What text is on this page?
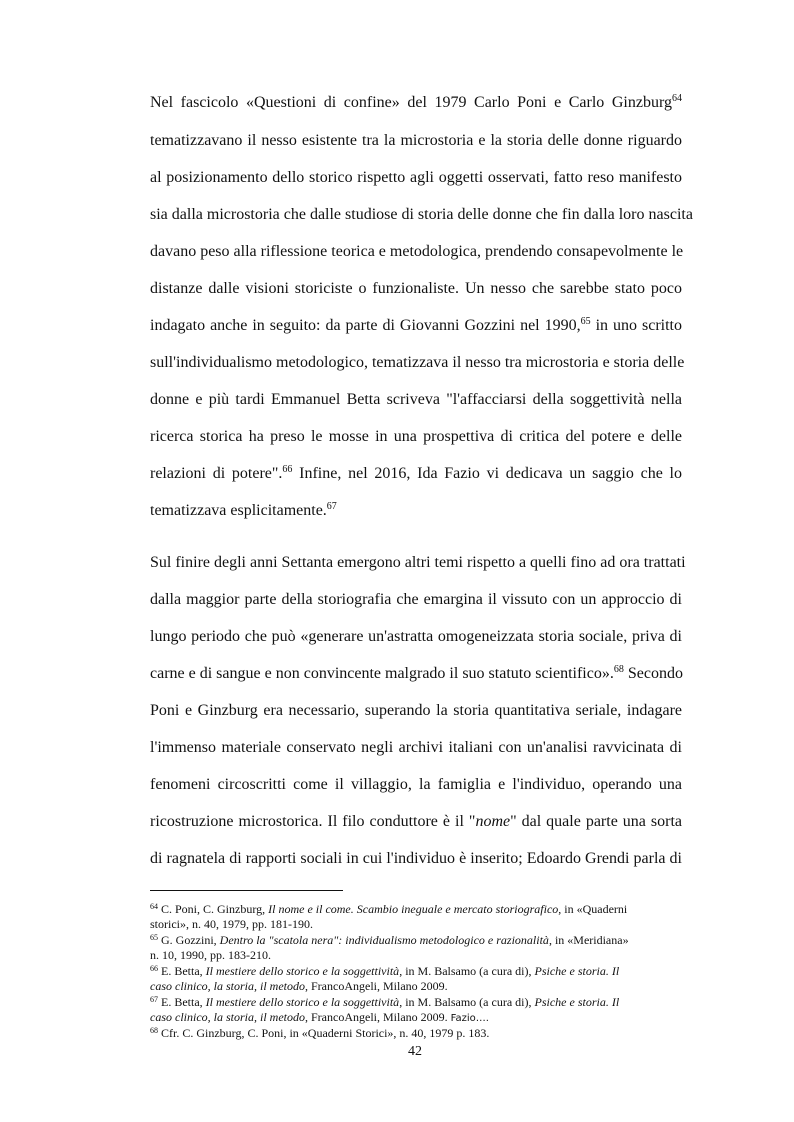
Nel fascicolo «Questioni di confine» del 1979 Carlo Poni e Carlo Ginzburg$^{64}$
tematizzavano il nesso esistente tra la microstoria e la storia delle donne riguardo
al posizionamento dello storico rispetto agli oggetti osservati, fatto reso manifesto
sia dalla microstoria che dalle studiose di storia delle donne che fin dalla loro nascita
davano peso alla riflessione teorica e metodologica, prendendo consapevolmente le
distanze dalle visioni storiciste o funzionaliste. Un nesso che sarebbe stato poco
indagato anche in seguito: da parte di Giovanni Gozzini nel 1990,65 in uno scritto
sull'individualismo metodologico, tematizzava il nesso tra microstoria e storia delle
donne e più tardi Emmanuel Betta scriveva "l'affacciarsi della soggettività nella
ricerca storica ha preso le mosse in una prospettiva di critica del potere e delle
relazioni di potere".$^{66}$ Infine, nel 2016, Ida Fazio vi dedicava un saggio che lo
tematizzava esplicitamente.$^{67}$
Sul finire degli anni Settanta emergono altri temi rispetto a quelli fino ad ora trattati
dalla maggior parte della storiografia che emargina il vissuto con un approccio di
lungo periodo che può «generare un'astratta omogeneizzata storia sociale, priva di
carne e di sangue e non convincente malgrado il suo statuto scientifico».$^{68}$ Secondo
Poni e Ginzburg era necessario, superando la storia quantitativa seriale, indagare
l'immenso materiale conservato negli archivi italiani con un'analisi ravvicinata di
fenomeni circoscritti come il villaggio, la famiglia e l'individuo, operando una
ricostruzione microstorica. Il filo conduttore è il "nome" dal quale parte una sorta
di ragnatela di rapporti sociali in cui l'individuo è inserito; Edoardo Grendi parla di
$^{64}$ C. Poni, C. Ginzburg, Il nome e il come. Scambio ineguale e mercato storiografico, in «Quaderni
storici», n. 40, 1979, pp. 181-190.
$^{65}$ G. Gozzini, Dentro la "scatola nera": individualismo metodologico e razionalità, in «Meridiana»
n. 10, 1990, pp. 183-210.
$^{66}$ E. Betta, Il mestiere dello storico e la soggettività, in M. Balsamo (a cura di), Psiche e storia. Il
caso clinico, la storia, il metodo, FrancoAngeli, Milano 2009.
$^{67}$ E. Betta, Il mestiere dello storico e la soggettività, in M. Balsamo (a cura di), Psiche e storia. Il
caso clinico, la storia, il metodo, FrancoAngeli, Milano 2009. Fazio….
$^{68}$ Cfr. C. Ginzburg, C. Poni, in «Quaderni Storici», n. 40, 1979 p. 183.
42
